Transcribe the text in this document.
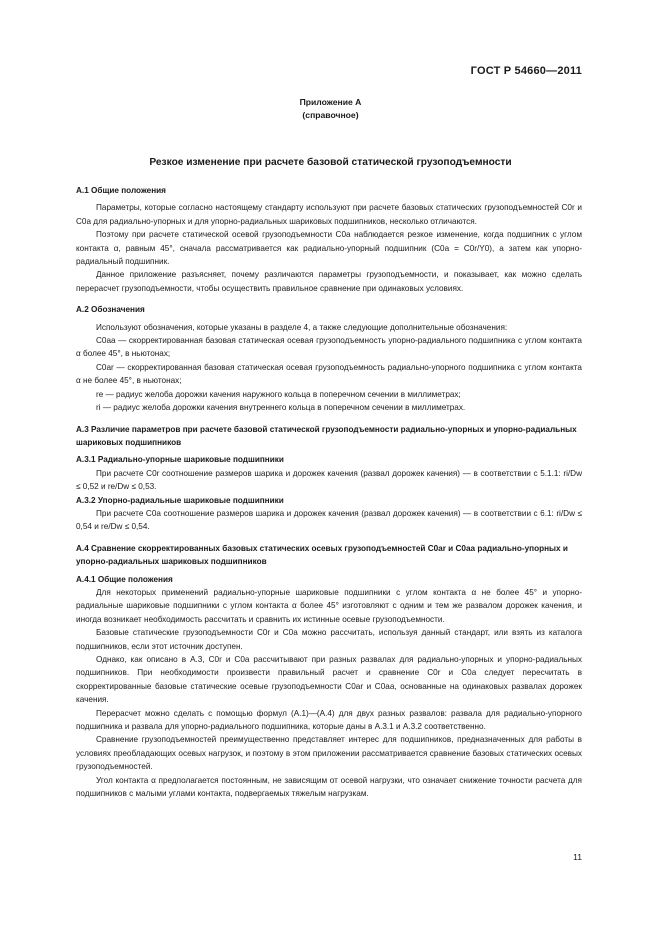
ГОСТ Р 54660—2011
Приложение А
(справочное)
Резкое изменение при расчете базовой статической грузоподъемности
А.1 Общие положения

Параметры, которые согласно настоящему стандарту используют при расчете базовых статических грузоподъемностей C0r и C0a для радиально-упорных и для упорно-радиальных шариковых подшипников, несколько отличаются.

Поэтому при расчете статической осевой грузоподъемности C0a наблюдается резкое изменение, когда подшипник с углом контакта α, равным 45°, сначала рассматривается как радиально-упорный подшипник (C0a = C0r/Y0), а затем как упорно-радиальный подшипник.

Данное приложение разъясняет, почему различаются параметры грузоподъемности, и показывает, как можно сделать перерасчет грузоподъемности, чтобы осуществить правильное сравнение при одинаковых условиях.

А.2 Обозначения

Используют обозначения, которые указаны в разделе 4, а также следующие дополнительные обозначения:

C0aa — скорректированная базовая статическая осевая грузоподъемность упорно-радиального подшипника с углом контакта α более 45°, в ньютонах;

C0ar — скорректированная базовая статическая осевая грузоподъемность радиально-упорного подшипника с углом контакта α не более 45°, в ньютонах;

re — радиус желоба дорожки качения наружного кольца в поперечном сечении в миллиметрах;

ri — радиус желоба дорожки качения внутреннего кольца в поперечном сечении в миллиметрах.

А.3 Различие параметров при расчете базовой статической грузоподъемности радиально-упорных и упорно-радиальных шариковых подшипников
А.3.1 Радиально-упорные шариковые подшипники

При расчете C0r соотношение размеров шарика и дорожек качения (развал дорожек качения) — в соответствии с 5.1.1: ri/Dw ≤ 0,52 и re/Dw ≤ 0,53.

А.3.2 Упорно-радиальные шариковые подшипники

При расчете C0a соотношение размеров шарика и дорожек качения (развал дорожек качения) — в соответствии с 6.1: ri/Dw ≤ 0,54 и re/Dw ≤ 0,54.

А.4 Сравнение скорректированных базовых статических осевых грузоподъемностей C0ar и C0aa радиально-упорных и упорно-радиальных шариковых подшипников
А.4.1 Общие положения

Для некоторых применений радиально-упорные шариковые подшипники с углом контакта α не более 45° и упорно-радиальные шариковые подшипники с углом контакта α более 45° изготовляют с одним и тем же развалом дорожек качения, и иногда возникает необходимость рассчитать и сравнить их истинные осевые грузоподъемности.

Базовые статические грузоподъемности C0r и C0a можно рассчитать, используя данный стандарт, или взять из каталога подшипников, если этот источник доступен.

Однако, как описано в А.3, C0r и C0a рассчитывают при разных развалах для радиально-упорных и упорно-радиальных подшипников. При необходимости произвести правильный расчет и сравнение C0r и C0a следует пересчитать в скорректированные базовые статические осевые грузоподъемности C0ar и C0aa, основанные на одинаковых развалах дорожек качения.

Перерасчет можно сделать с помощью формул (А.1)—(А.4) для двух разных развалов: развала для радиально-упорного подшипника и развала для упорно-радиального подшипника, которые даны в А.3.1 и А.3.2 соответственно.

Сравнение грузоподъемностей преимущественно представляет интерес для подшипников, предназначенных для работы в условиях преобладающих осевых нагрузок, и поэтому в этом приложении рассматривается сравнение базовых статических осевых грузоподъемностей.

Угол контакта α предполагается постоянным, не зависящим от осевой нагрузки, что означает снижение точности расчета для подшипников с малыми углами контакта, подвергаемых тяжелым нагрузкам.

11
